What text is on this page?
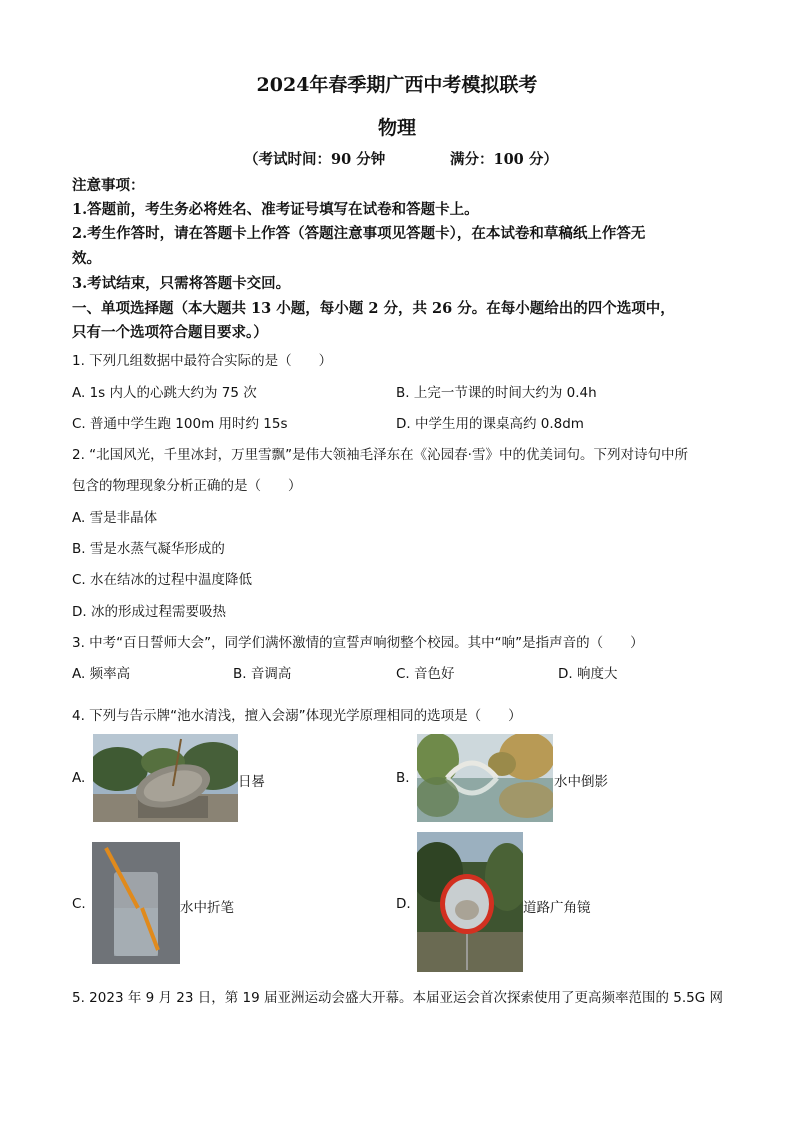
2024年春季期广西中考模拟联考
物理
（考试时间：90 分钟	满分：100 分）
注意事项：
1.答题前，考生务必将姓名、准考证号填写在试卷和答题卡上。
2.考生作答时，请在答题卡上作答（答题注意事项见答题卡），在本试卷和草稿纸上作答无
效。
3.考试结束，只需将答题卡交回。
一、单项选择题（本大题共 13 小题，每小题 2 分，共 26 分。在每小题给出的四个选项中，
只有一个选项符合题目要求。）
1. 下列几组数据中最符合实际的是（　　）
A. 1s 内人的心跳大约为 75 次	B. 上完一节课的时间大约为 0.4h
C. 普通中学生跑 100m 用时约 15s	D. 中学生用的课桌高约 0.8dm
2. “北国风光，千里冰封，万里雪飘”是伟大领袖毛泽东在《沁园春·雪》中的优美词句。下列对诗句中所
包含的物理现象分析正确的是（　　）
A. 雪是非晶体
B. 雪是水蒸气凝华形成的
C. 水在结冰的过程中温度降低
D. 冰的形成过程需要吸热
3. 中考“百日誓师大会”，同学们满怀激情的宣誓声响彻整个校园。其中“响”是指声音的（　　）
A. 频率高	B. 音调高	C. 音色好	D. 响度大
4. 下列与告示牌“池水清浅，擅入会溺”体现光学原理相同的选项是（　　）
A.	日晷	B.	水中倒影
C.	水中折笔	D.	道路广角镜
5. 2023 年 9 月 23 日，第 19 届亚洲运动会盛大开幕。本届亚运会首次探索使用了更高频率范围的 5.5G 网
